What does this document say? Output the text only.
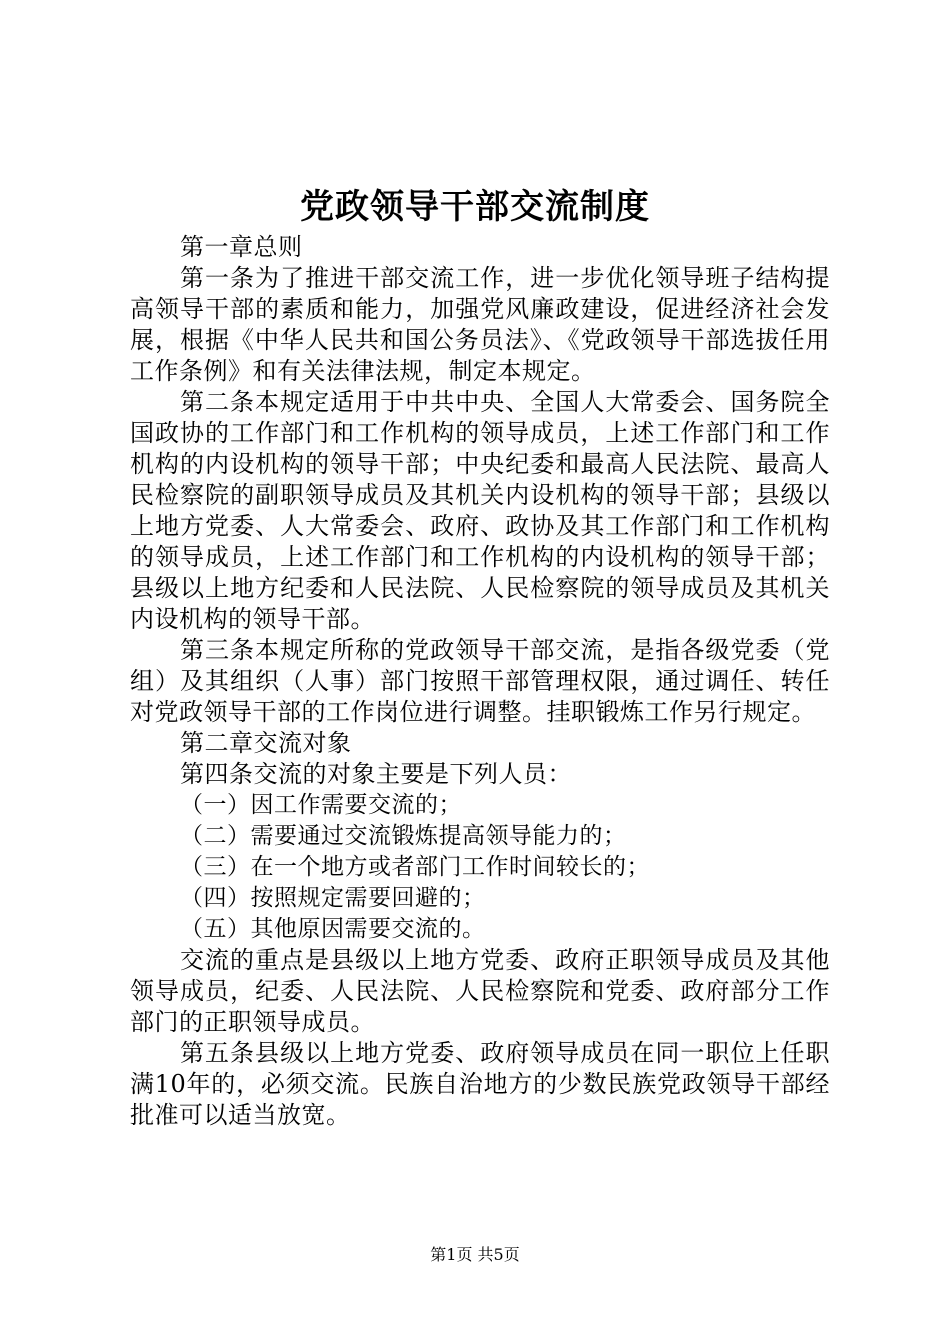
党政领导干部交流制度

第一章总则

第一条为了推进干部交流工作，进一步优化领导班子结构提高领导干部的素质和能力，加强党风廉政建设，促进经济社会发展，根据《中华人民共和国公务员法》、《党政领导干部选拔任用工作条例》和有关法律法规，制定本规定。

第二条本规定适用于中共中央、全国人大常委会、国务院全国政协的工作部门和工作机构的领导成员，上述工作部门和工作机构的内设机构的领导干部；中央纪委和最高人民法院、最高人民检察院的副职领导成员及其机关内设机构的领导干部；县级以上地方党委、人大常委会、政府、政协及其工作部门和工作机构的领导成员，上述工作部门和工作机构的内设机构的领导干部；县级以上地方纪委和人民法院、人民检察院的领导成员及其机关内设机构的领导干部。

第三条本规定所称的党政领导干部交流，是指各级党委（党组）及其组织（人事）部门按照干部管理权限，通过调任、转任对党政领导干部的工作岗位进行调整。挂职锻炼工作另行规定。

第二章交流对象

第四条交流的对象主要是下列人员：

（一）因工作需要交流的；

（二）需要通过交流锻炼提高领导能力的；

（三）在一个地方或者部门工作时间较长的；

（四）按照规定需要回避的；

（五）其他原因需要交流的。

交流的重点是县级以上地方党委、政府正职领导成员及其他领导成员，纪委、人民法院、人民检察院和党委、政府部分工作部门的正职领导成员。

第五条县级以上地方党委、政府领导成员在同一职位上任职满10年的，必须交流。民族自治地方的少数民族党政领导干部经批准可以适当放宽。

第1页 共5页
